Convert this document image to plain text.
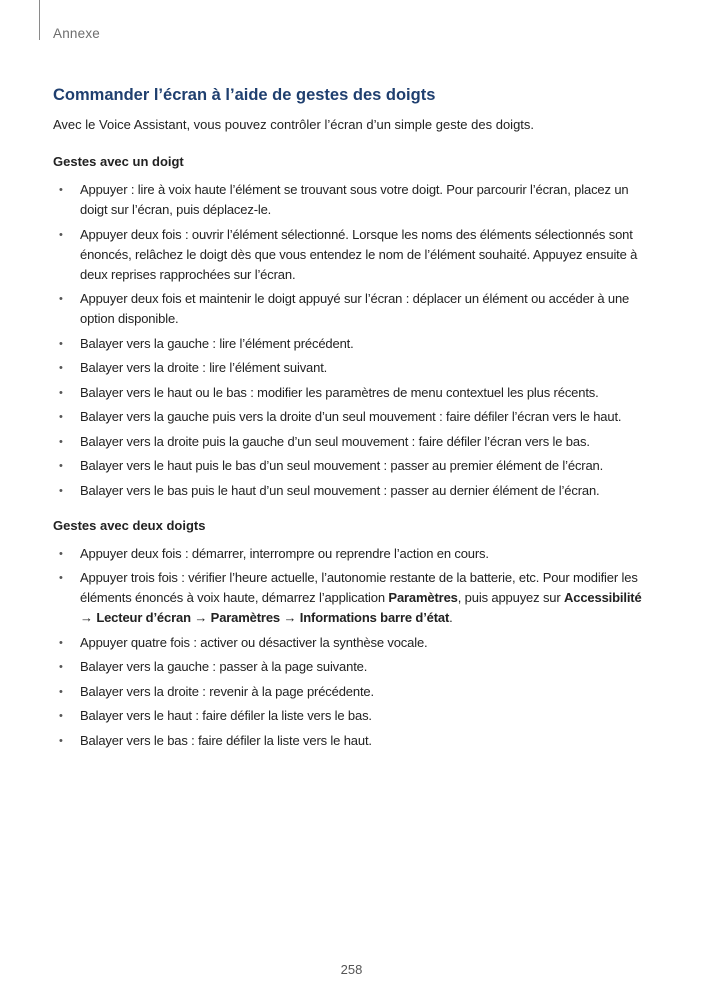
Annexe
Commander l’écran à l’aide de gestes des doigts

Avec le Voice Assistant, vous pouvez contrôler l’écran d’un simple geste des doigts.

Gestes avec un doigt
• Appuyer : lire à voix haute l’élément se trouvant sous votre doigt. Pour parcourir l’écran, placez un doigt sur l’écran, puis déplacez-le.
• Appuyer deux fois : ouvrir l’élément sélectionné. Lorsque les noms des éléments sélectionnés sont énoncés, relâchez le doigt dès que vous entendez le nom de l’élément souhaité. Appuyez ensuite à deux reprises rapprochées sur l’écran.
• Appuyer deux fois et maintenir le doigt appuyé sur l’écran : déplacer un élément ou accéder à une option disponible.
• Balayer vers la gauche : lire l’élément précédent.
• Balayer vers la droite : lire l’élément suivant.
• Balayer vers le haut ou le bas : modifier les paramètres de menu contextuel les plus récents.
• Balayer vers la gauche puis vers la droite d’un seul mouvement : faire défiler l’écran vers le haut.
• Balayer vers la droite puis la gauche d’un seul mouvement : faire défiler l’écran vers le bas.
• Balayer vers le haut puis le bas d’un seul mouvement : passer au premier élément de l’écran.
• Balayer vers le bas puis le haut d’un seul mouvement : passer au dernier élément de l’écran.
Gestes avec deux doigts
• Appuyer deux fois : démarrer, interrompre ou reprendre l’action en cours.
• Appuyer trois fois : vérifier l’heure actuelle, l’autonomie restante de la batterie, etc. Pour modifier les éléments énoncés à voix haute, démarrez l’application Paramètres, puis appuyez sur Accessibilité → Lecteur d’écran → Paramètres → Informations barre d’état.
• Appuyer quatre fois : activer ou désactiver la synthèse vocale.
• Balayer vers la gauche : passer à la page suivante.
• Balayer vers la droite : revenir à la page précédente.
• Balayer vers le haut : faire défiler la liste vers le bas.
• Balayer vers le bas : faire défiler la liste vers le haut.
258
